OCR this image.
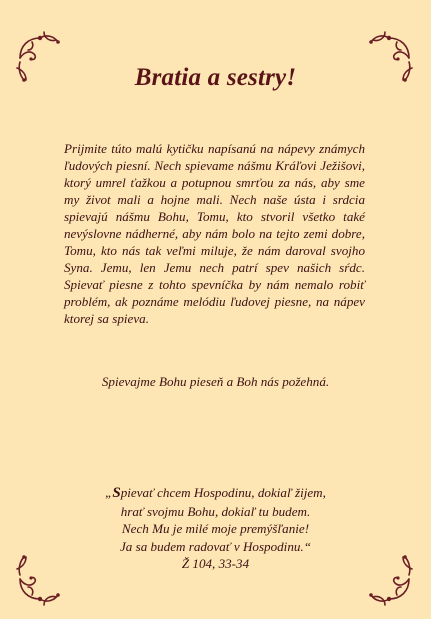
Bratia a sestry!

Prijmite túto malú kytičku napísanú na nápevy známych ľudových piesní. Nech spievame nášmu Kráľovi Ježišovi, ktorý umrel ťažkou a potupnou smrťou za nás, aby sme my život mali a hojne mali. Nech naše ústa i srdcia spievajú nášmu Bohu, Tomu, kto stvoril všetko také nevýslovne nádherné, aby nám bolo na tejto zemi dobre, Tomu, kto nás tak veľmi miluje, že nám daroval svojho Syna. Jemu, len Jemu nech patrí spev našich sŕdc. Spievať piesne z tohto spevníčka by nám nemalo robiť problém, ak poznáme melódiu ľudovej piesne, na nápev ktorej sa spieva.

Spievajme Bohu pieseň a Boh nás požehná.

„Spievať chcem Hospodinu, dokiaľ žijem,
hrať svojmu Bohu, dokiaľ tu budem.
Nech Mu je milé moje premýšľanie!
Ja sa budem radovať v Hospodinu.“
Ž 104, 33-34
